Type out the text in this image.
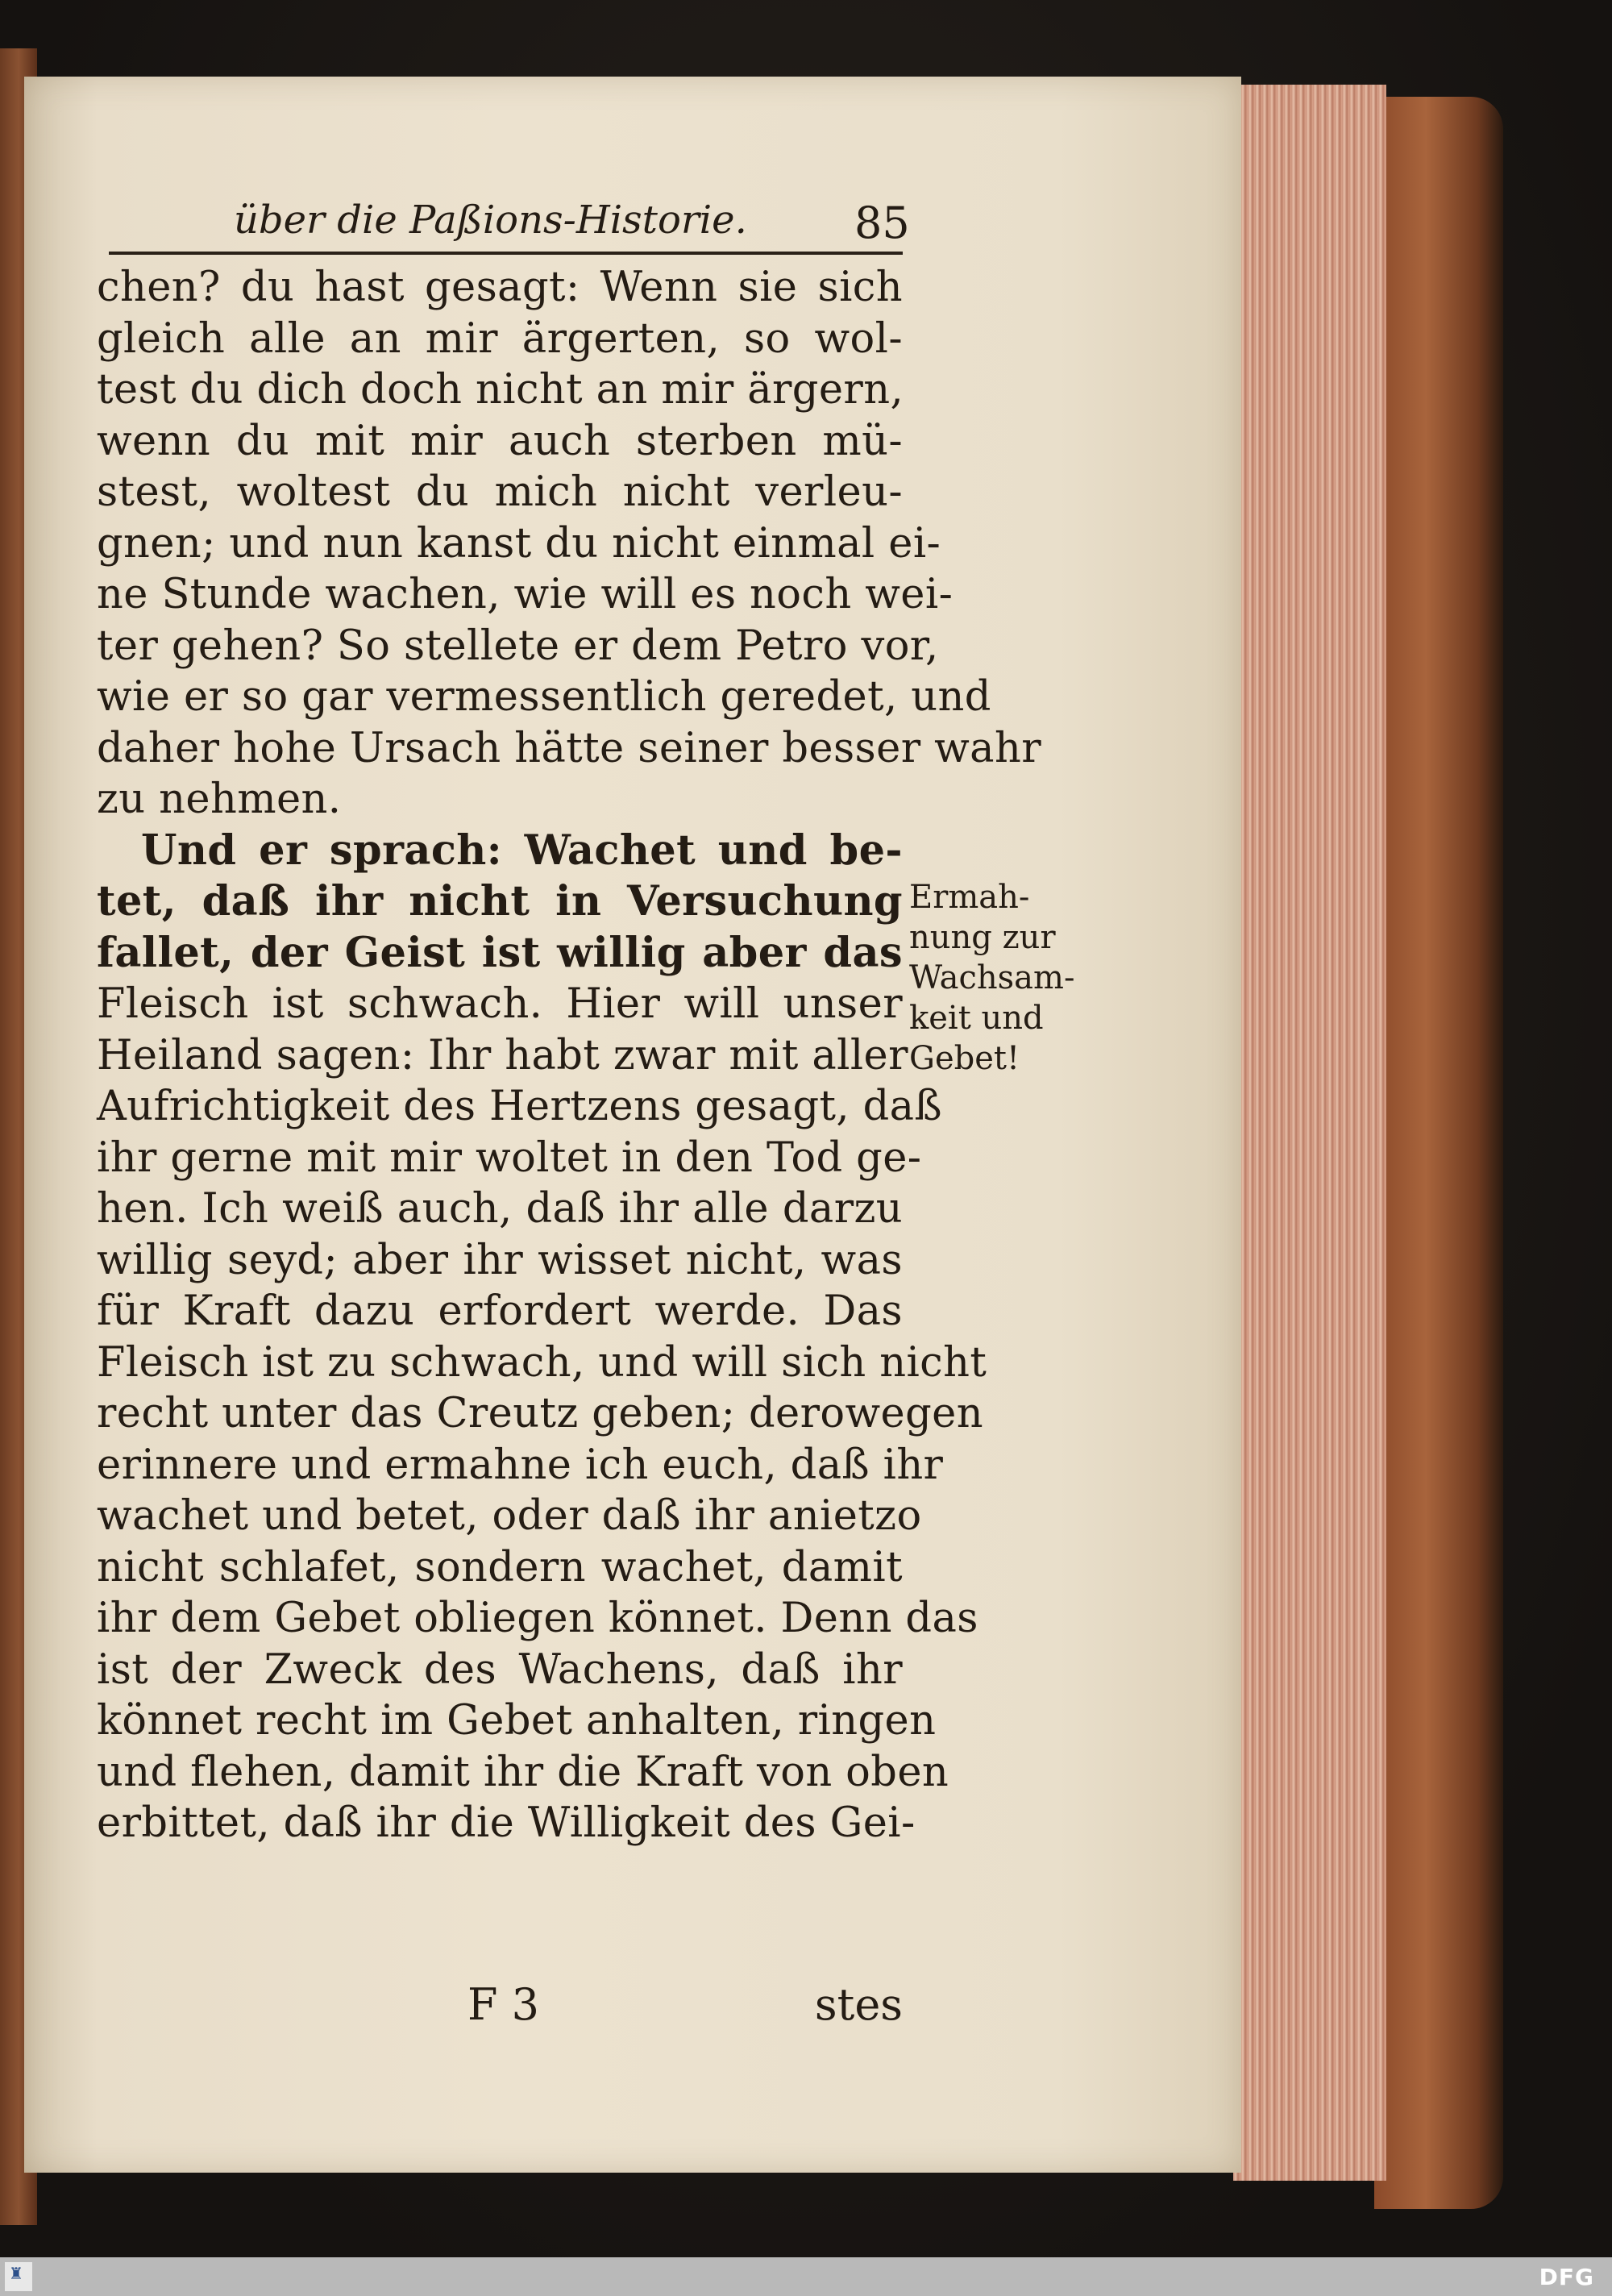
über die Paßions-Historie. 85
chen? du hast gesagt: Wenn sie sich
gleich alle an mir ärgerten, so wol-
test du dich doch nicht an mir ärgern,
wenn du mit mir auch sterben mü-
stest, woltest du mich nicht verleu-
gnen; und nun kanst du nicht einmal ei-
ne Stunde wachen, wie will es noch wei-
ter gehen? So stellete er dem Petro vor,
wie er so gar vermessentlich geredet, und
daher hohe Ursach hätte seiner besser wahr
zu nehmen.
Und er sprach: Wachet und be-
tet, daß ihr nicht in Versuchung
fallet, der Geist ist willig aber das
Fleisch ist schwach. Hier will unser
Heiland sagen: Ihr habt zwar mit aller
Aufrichtigkeit des Hertzens gesagt, daß
ihr gerne mit mir woltet in den Tod ge-
hen. Ich weiß auch, daß ihr alle darzu
willig seyd; aber ihr wisset nicht, was
für Kraft dazu erfordert werde. Das
Fleisch ist zu schwach, und will sich nicht
recht unter das Creutz geben; derowegen
erinnere und ermahne ich euch, daß ihr
wachet und betet, oder daß ihr anietzo
nicht schlafet, sondern wachet, damit
ihr dem Gebet obliegen könnet. Denn das
ist der Zweck des Wachens, daß ihr
könnet recht im Gebet anhalten, ringen
und flehen, damit ihr die Kraft von oben
erbittet, daß ihr die Willigkeit des Gei-
Ermah-
nung zur
Wachsam-
keit und
Gebet!
F 3	stes
♜	DFG
